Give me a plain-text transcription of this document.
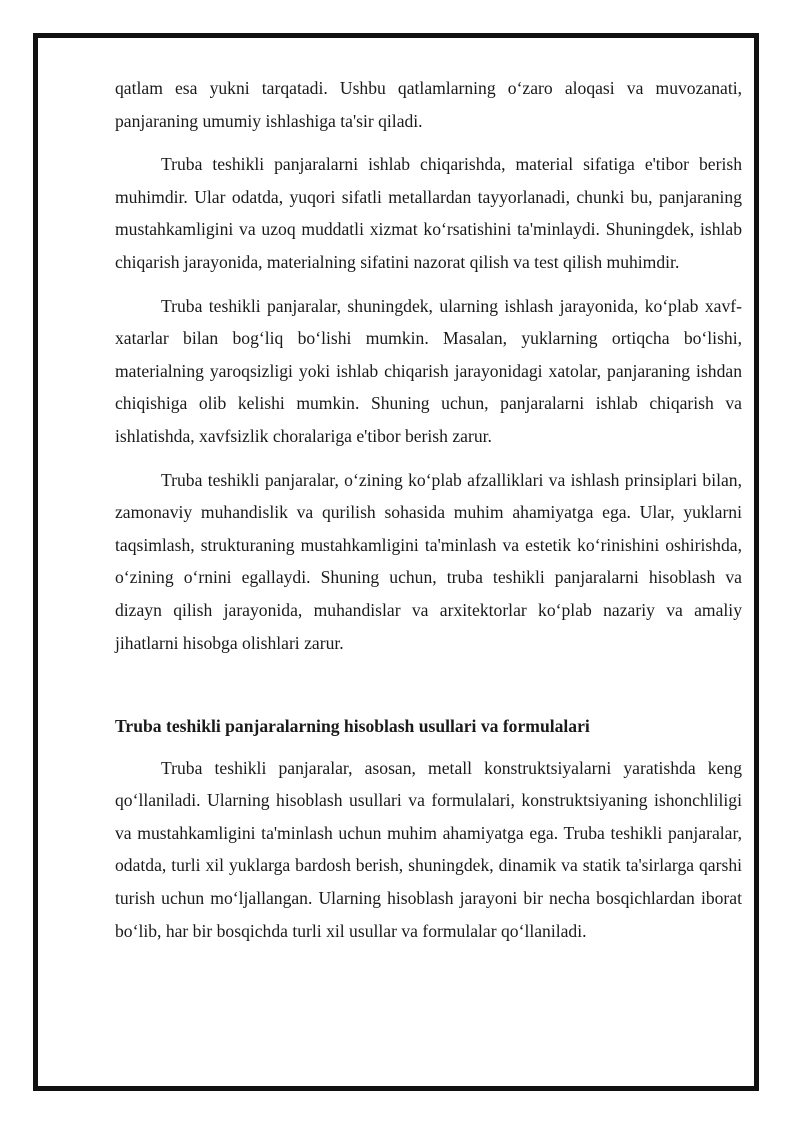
qatlam esa yukni tarqatadi. Ushbu qatlamlarning o‘zaro aloqasi va muvozanati, panjaraning umumiy ishlashiga ta'sir qiladi.

Truba teshikli panjaralarni ishlab chiqarishda, material sifatiga e'tibor berish muhimdir. Ular odatda, yuqori sifatli metallardan tayyorlanadi, chunki bu, panjaraning mustahkamligini va uzoq muddatli xizmat ko‘rsatishini ta'minlaydi. Shuningdek, ishlab chiqarish jarayonida, materialning sifatini nazorat qilish va test qilish muhimdir.

Truba teshikli panjaralar, shuningdek, ularning ishlash jarayonida, ko‘plab xavf-xatarlar bilan bog‘liq bo‘lishi mumkin. Masalan, yuklarning ortiqcha bo‘lishi, materialning yaroqsizligi yoki ishlab chiqarish jarayonidagi xatolar, panjaraning ishdan chiqishiga olib kelishi mumkin. Shuning uchun, panjaralarni ishlab chiqarish va ishlatishda, xavfsizlik choralariga e'tibor berish zarur.

Truba teshikli panjaralar, o‘zining ko‘plab afzalliklari va ishlash prinsiplari bilan, zamonaviy muhandislik va qurilish sohasida muhim ahamiyatga ega. Ular, yuklarni taqsimlash, strukturaning mustahkamligini ta'minlash va estetik ko‘rinishini oshirishda, o‘zining o‘rnini egallaydi. Shuning uchun, truba teshikli panjaralarni hisoblash va dizayn qilish jarayonida, muhandislar va arxitektorlar ko‘plab nazariy va amaliy jihatlarni hisobga olishlari zarur.

Truba teshikli panjaralarning hisoblash usullari va formulalari

Truba teshikli panjaralar, asosan, metall konstruktsiyalarni yaratishda keng qo‘llaniladi. Ularning hisoblash usullari va formulalari, konstruktsiyaning ishonchliligi va mustahkamligini ta'minlash uchun muhim ahamiyatga ega. Truba teshikli panjaralar, odatda, turli xil yuklarga bardosh berish, shuningdek, dinamik va statik ta'sirlarga qarshi turish uchun mo‘ljallangan. Ularning hisoblash jarayoni bir necha bosqichlardan iborat bo‘lib, har bir bosqichda turli xil usullar va formulalar qo‘llaniladi.
